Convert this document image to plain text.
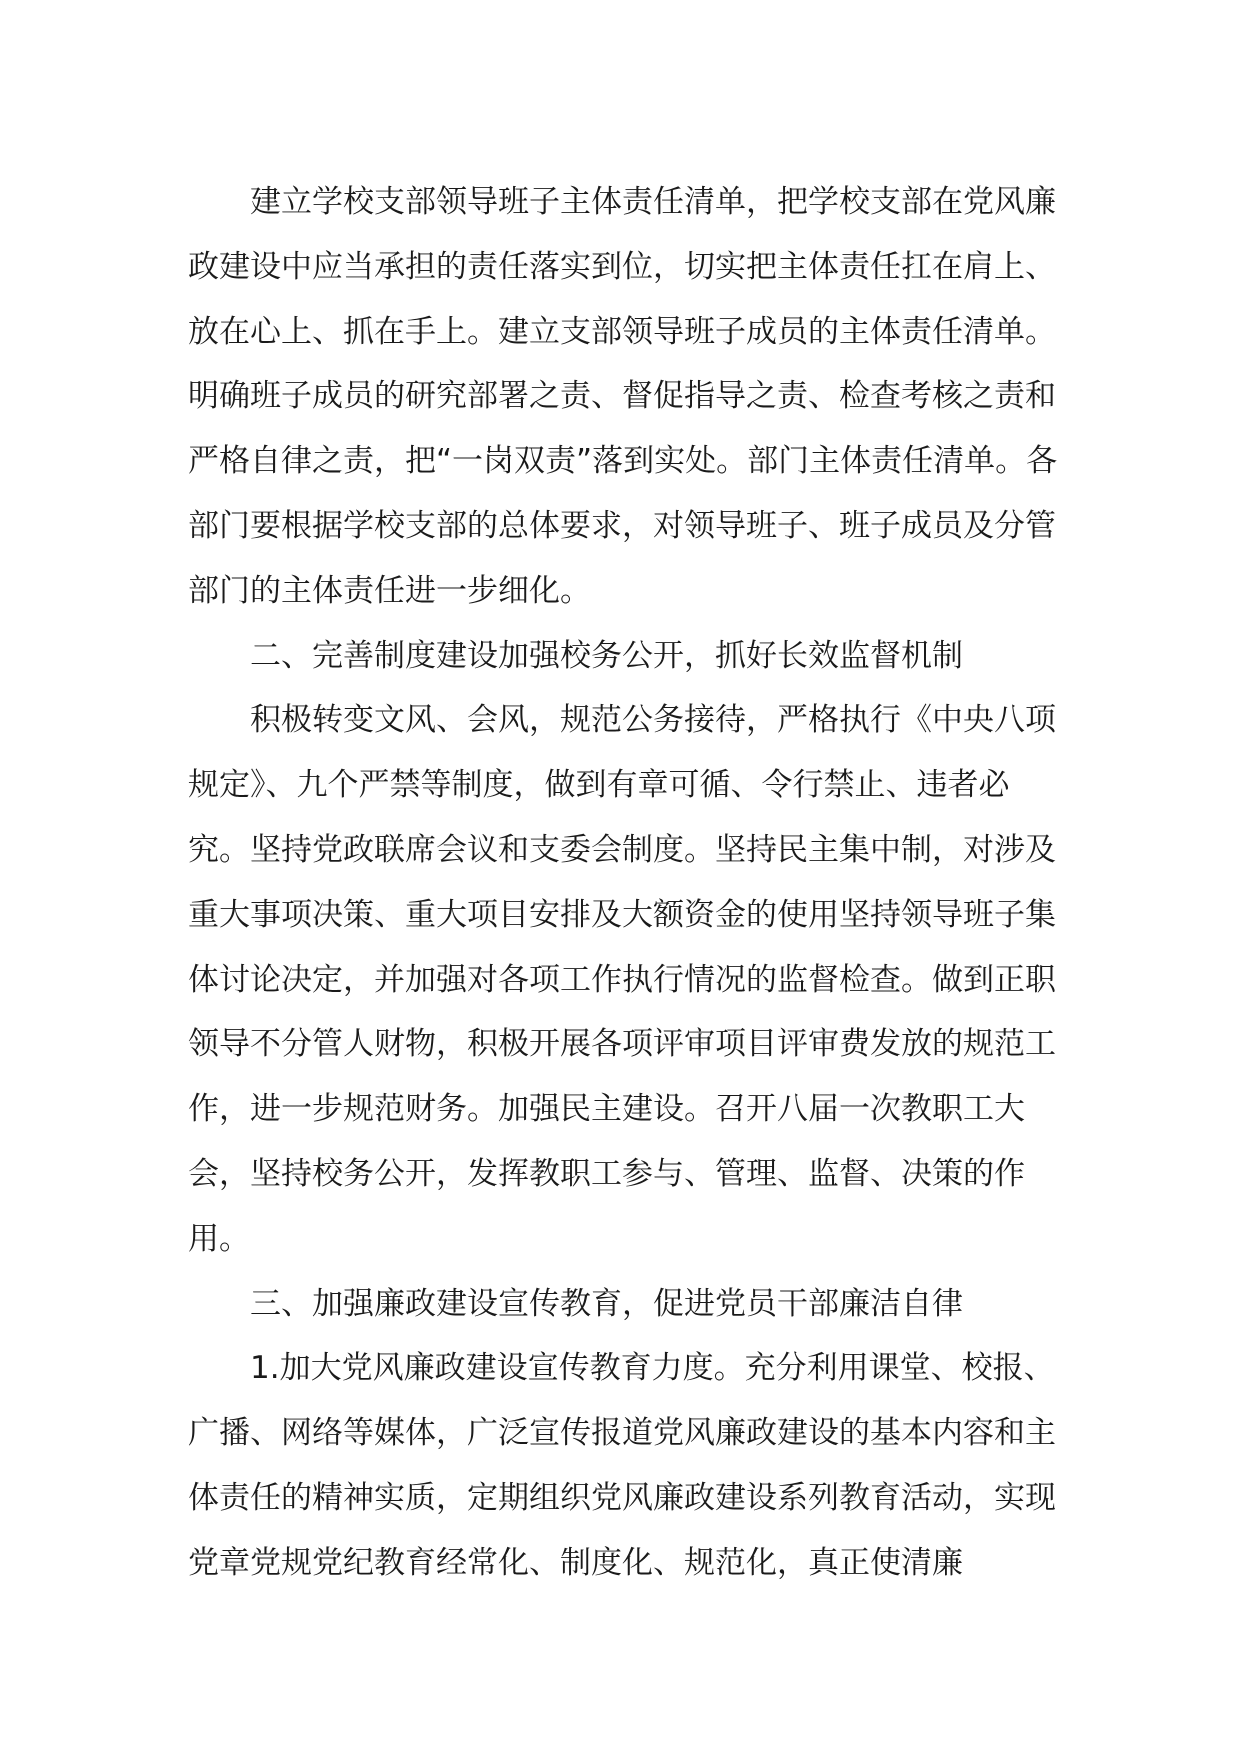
建立学校支部领导班子主体责任清单，把学校支部在党风廉政建设中应当承担的责任落实到位，切实把主体责任扛在肩上、放在心上、抓在手上。建立支部领导班子成员的主体责任清单。明确班子成员的研究部署之责、督促指导之责、检查考核之责和严格自律之责，把“一岗双责”落到实处。部门主体责任清单。各部门要根据学校支部的总体要求，对领导班子、班子成员及分管部门的主体责任进一步细化。

二、完善制度建设加强校务公开，抓好长效监督机制

积极转变文风、会风，规范公务接待，严格执行《中央八项规定》、九个严禁等制度，做到有章可循、令行禁止、违者必究。坚持党政联席会议和支委会制度。坚持民主集中制，对涉及重大事项决策、重大项目安排及大额资金的使用坚持领导班子集体讨论决定，并加强对各项工作执行情况的监督检查。做到正职领导不分管人财物，积极开展各项评审项目评审费发放的规范工作，进一步规范财务。加强民主建设。召开八届一次教职工大会，坚持校务公开，发挥教职工参与、管理、监督、决策的作用。

三、加强廉政建设宣传教育，促进党员干部廉洁自律

1.加大党风廉政建设宣传教育力度。充分利用课堂、校报、广播、网络等媒体，广泛宣传报道党风廉政建设的基本内容和主体责任的精神实质，定期组织党风廉政建设系列教育活动，实现党章党规党纪教育经常化、制度化、规范化，真正使清廉
